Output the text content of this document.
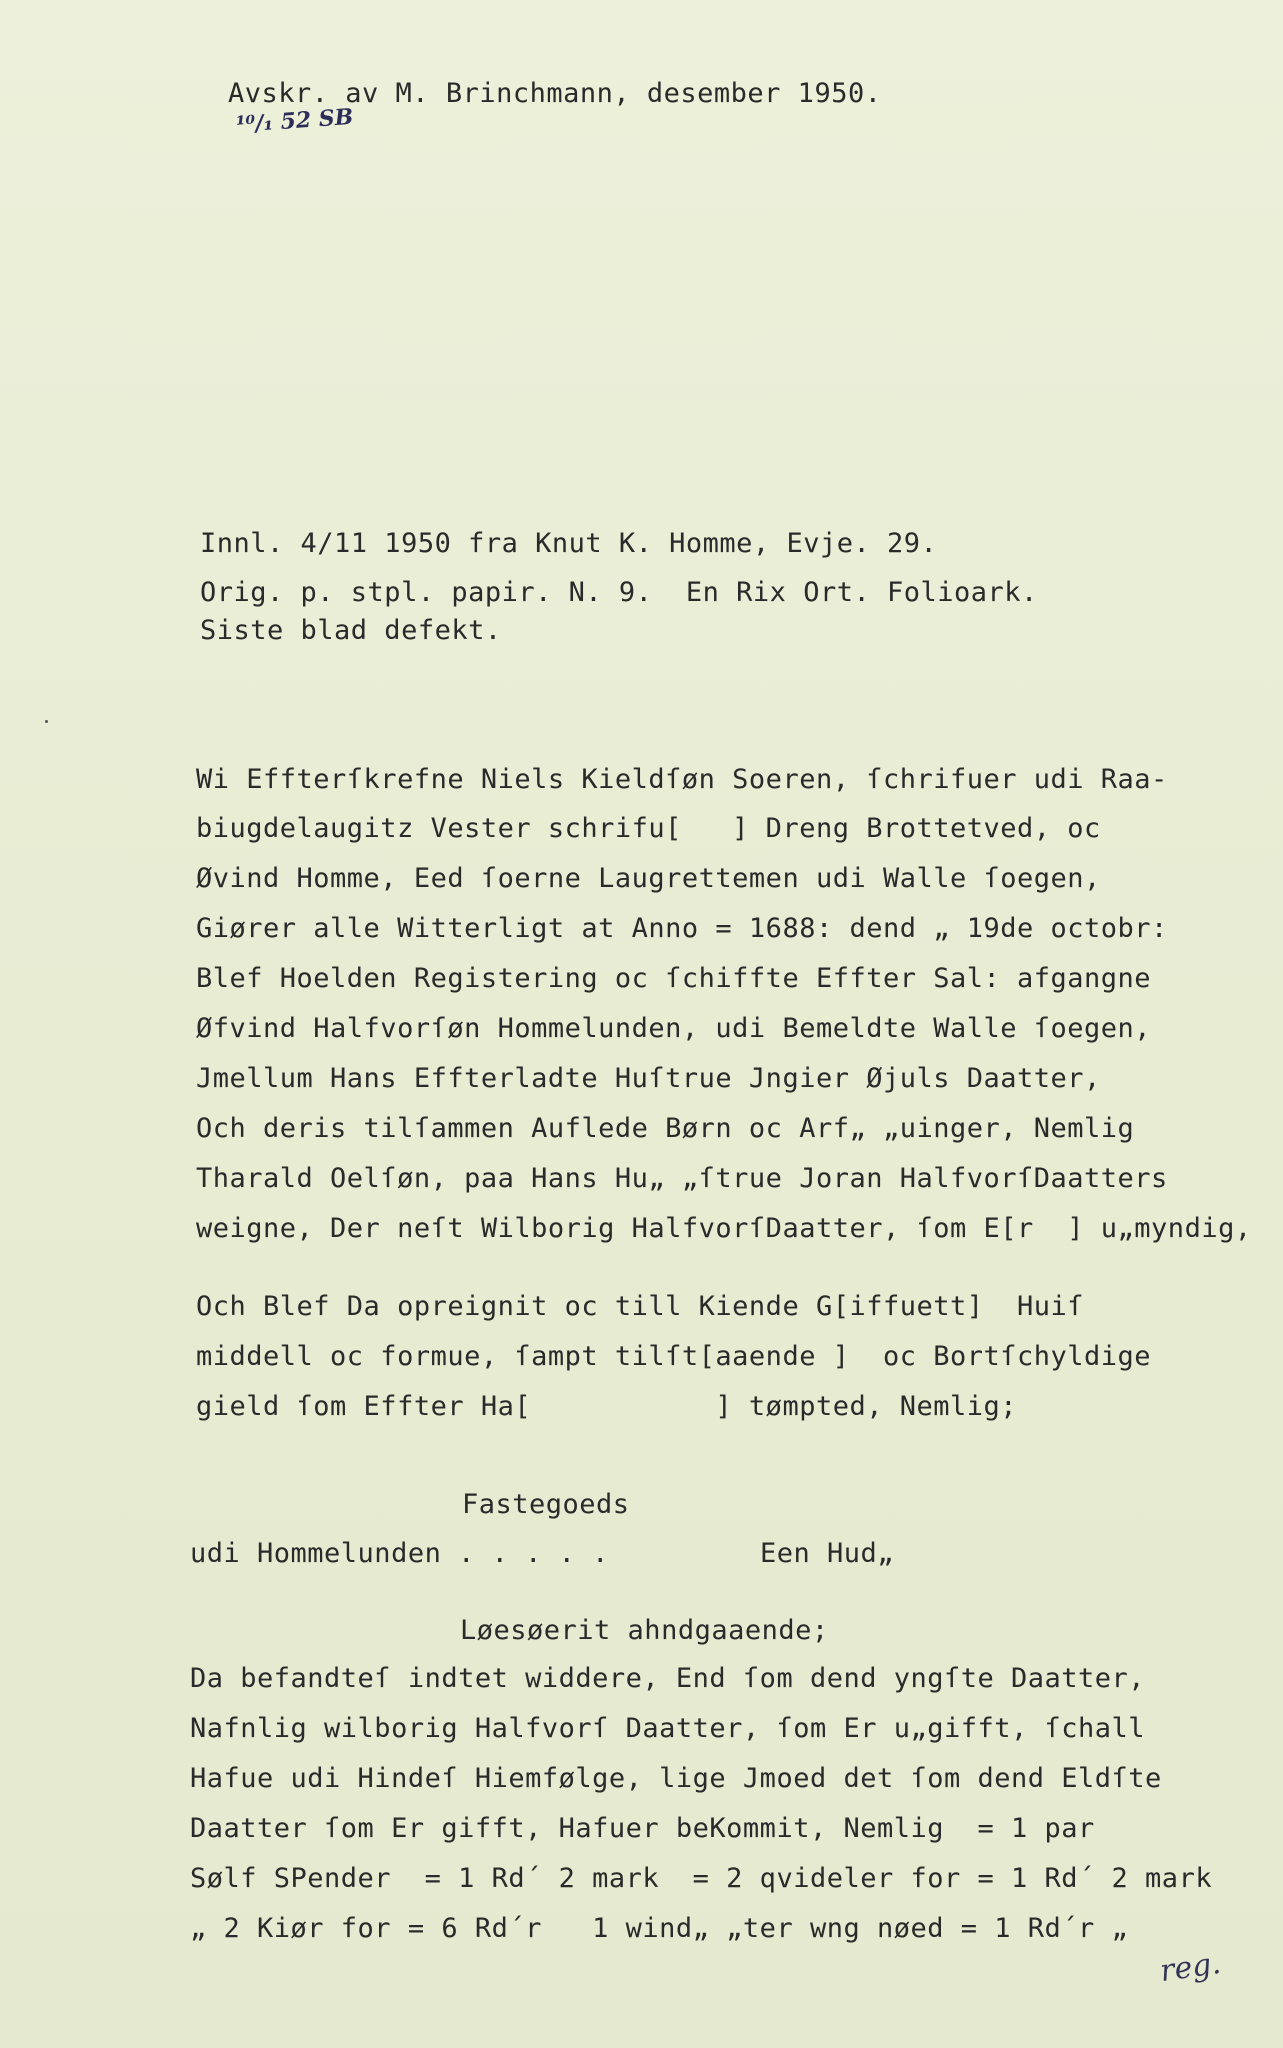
Avskr. av M. Brinchmann, desember 1950.
¹⁰/₁ 52 SB
Innl. 4/11 1950 fra Knut K. Homme, Evje. 29.
Orig. p. stpl. papir. N. 9.  En Rix Ort. Folioark.
Siste blad defekt.
Wi Effterſkrefne Niels Kieldſøn Soeren, ſchrifuer udi Raa-
biugdelaugitz Vester schrifu[   ] Dreng Brottetved, oc
Øvind Homme, Eed ſoerne Laugrettemen udi Walle ſoegen,
Giører alle Witterligt at Anno = 1688: dend „ 19de octobr:
Blef Hoelden Registering oc ſchiffte Effter Sal: afgangne
Øfvind Halfvorſøn Hommelunden, udi Bemeldte Walle ſoegen,
Jmellum Hans Effterladte Huſtrue Jngier Øjuls Daatter,
Och deris tilſammen Auflede Børn oc Arf„ „uinger, Nemlig
Tharald Oelſøn, paa Hans Hu„ „ſtrue Joran HalfvorſDaatters
weigne, Der neſt Wilborig HalfvorſDaatter, ſom E[r  ] u„myndig,
Och Blef Da opreignit oc till Kiende G[iffuett]  Huiſ
middell oc formue, ſampt tilſt[aaende ]  oc Bortſchyldige
gield ſom Effter Ha[           ] tømpted, Nemlig;
Fastegoeds
udi Hommelunden . . . . .	Een Hud„
Løesøerit ahndgaaende;
Da befandteſ indtet widdere, End ſom dend yngſte Daatter,
Nafnlig wilborig Halfvorſ Daatter, ſom Er u„gifft, ſchall
Hafue udi Hindeſ Hiemfølge, lige Jmoed det ſom dend Eldſte
Daatter ſom Er gifft, Hafuer beKommit, Nemlig  = 1 par
Sølf SPender  = 1 Rd´ 2 mark  = 2 qvideler for = 1 Rd´ 2 mark
„ 2 Kiør for = 6 Rd´r   1 wind„ „ter wng nøed = 1 Rd´r „
reg.
